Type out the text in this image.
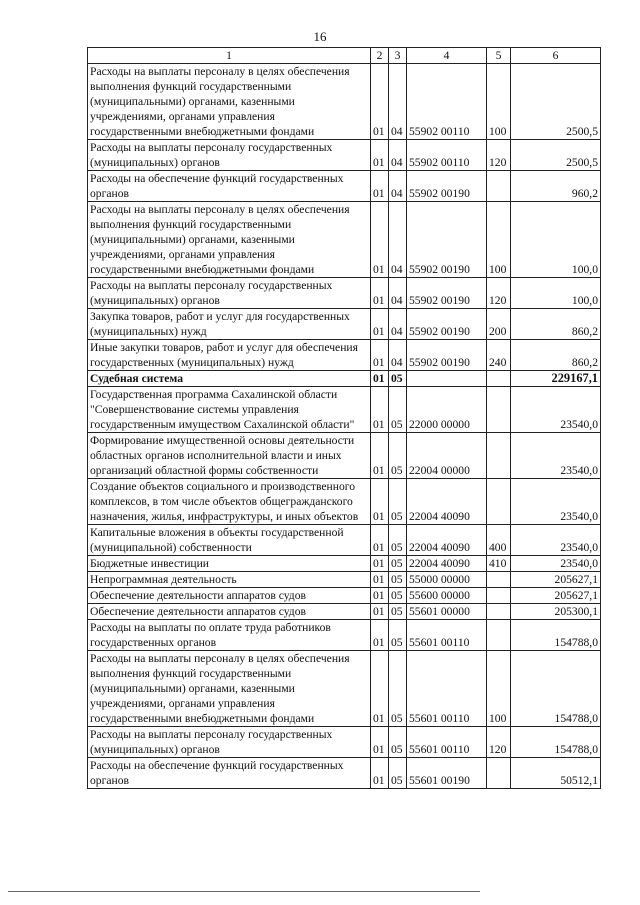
16
1	2	3	4	5	6
Расходы на выплаты персоналу в целях обеспечения выполнения функций государственными (муниципальными) органами, казенными учреждениями, органами управления государственными внебюджетными фондами	01	04	55902 00110	100	2500,5
Расходы на выплаты персоналу государственных (муниципальных) органов	01	04	55902 00110	120	2500,5
Расходы на обеспечение функций государственных органов	01	04	55902 00190		960,2
Расходы на выплаты персоналу в целях обеспечения выполнения функций государственными (муниципальными) органами, казенными учреждениями, органами управления государственными внебюджетными фондами	01	04	55902 00190	100	100,0
Расходы на выплаты персоналу государственных (муниципальных) органов	01	04	55902 00190	120	100,0
Закупка товаров, работ и услуг для государственных (муниципальных) нужд	01	04	55902 00190	200	860,2
Иные закупки товаров, работ и услуг для обеспечения государственных (муниципальных) нужд	01	04	55902 00190	240	860,2
Судебная система	01	05			229167,1
Государственная программа Сахалинской области "Совершенствование системы управления государственным имуществом Сахалинской области"	01	05	22000 00000		23540,0
Формирование имущественной основы деятельности областных органов исполнительной власти и иных организаций областной формы собственности	01	05	22004 00000		23540,0
Создание объектов социального и производственного комплексов, в том числе объектов общегражданского назначения, жилья, инфраструктуры, и иных объектов	01	05	22004 40090		23540,0
Капитальные вложения в объекты государственной (муниципальной) собственности	01	05	22004 40090	400	23540,0
Бюджетные инвестиции	01	05	22004 40090	410	23540,0
Непрограммная деятельность	01	05	55000 00000		205627,1
Обеспечение деятельности аппаратов судов	01	05	55600 00000		205627,1
Обеспечение деятельности аппаратов судов	01	05	55601 00000		205300,1
Расходы на выплаты по оплате труда работников государственных органов	01	05	55601 00110		154788,0
Расходы на выплаты персоналу в целях обеспечения выполнения функций государственными (муниципальными) органами, казенными учреждениями, органами управления государственными внебюджетными фондами	01	05	55601 00110	100	154788,0
Расходы на выплаты персоналу государственных (муниципальных) органов	01	05	55601 00110	120	154788,0
Расходы на обеспечение функций государственных органов	01	05	55601 00190		50512,1
